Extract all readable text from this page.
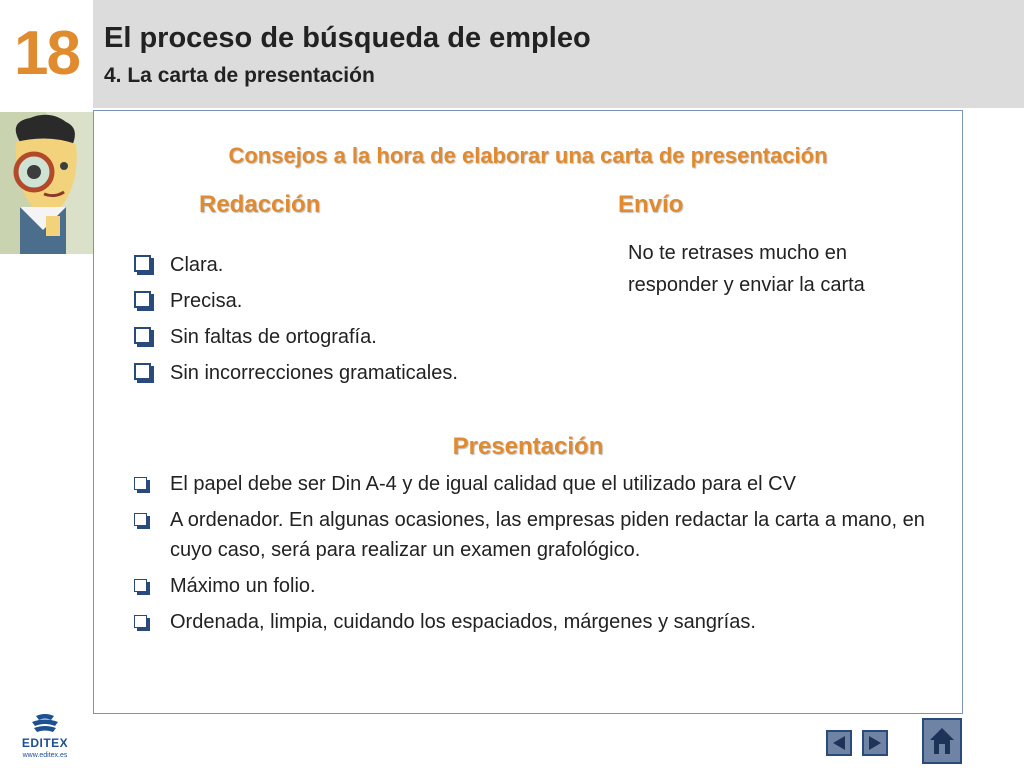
18 El proceso de búsqueda de empleo
4. La carta de presentación
Consejos a la hora de elaborar una carta de presentación
Redacción	Envío
Clara.
Precisa.
Sin faltas de ortografía.
Sin incorrecciones gramaticales.
No te retrases mucho en responder y enviar la carta
Presentación
El papel debe ser Din A-4 y de igual calidad que el utilizado para el CV
A ordenador. En algunas ocasiones, las empresas piden redactar la carta a mano, en cuyo caso, será para realizar un examen grafológico.
Máximo un folio.
Ordenada, limpia, cuidando los espaciados, márgenes y sangrías.
EDITEX
www.editex.es
